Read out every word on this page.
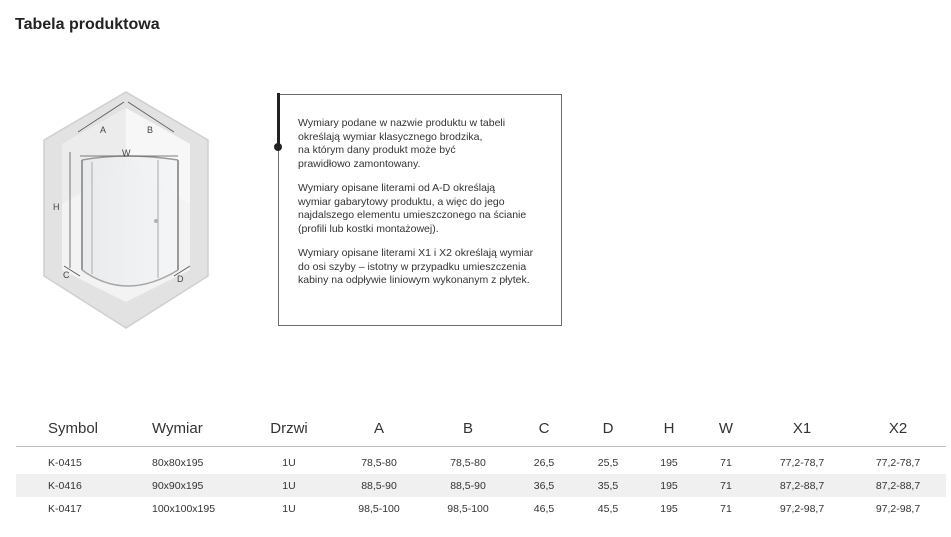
Tabela produktowa
A	B
W
H
C	D

Wymiary podane w nazwie produktu w tabeli
określają wymiar klasycznego brodzika,
na którym dany produkt może być
prawidłowo zamontowany.

Wymiary opisane literami od A-D określają
wymiar gabarytowy produktu, a więc do jego
najdalszego elementu umieszczonego na ścianie
(profili lub kostki montażowej).

Wymiary opisane literami X1 i X2 określają wymiar
do osi szyby – istotny w przypadku umieszczenia
kabiny na odpływie liniowym wykonanym z płytek.

Symbol	Wymiar	Drzwi	A	B	C	D	H	W	X1	X2
K-0415	80x80x195	1U	78,5-80	78,5-80	26,5	25,5	195	71	77,2-78,7	77,2-78,7
K-0416	90x90x195	1U	88,5-90	88,5-90	36,5	35,5	195	71	87,2-88,7	87,2-88,7
K-0417	100x100x195	1U	98,5-100	98,5-100	46,5	45,5	195	71	97,2-98,7	97,2-98,7
